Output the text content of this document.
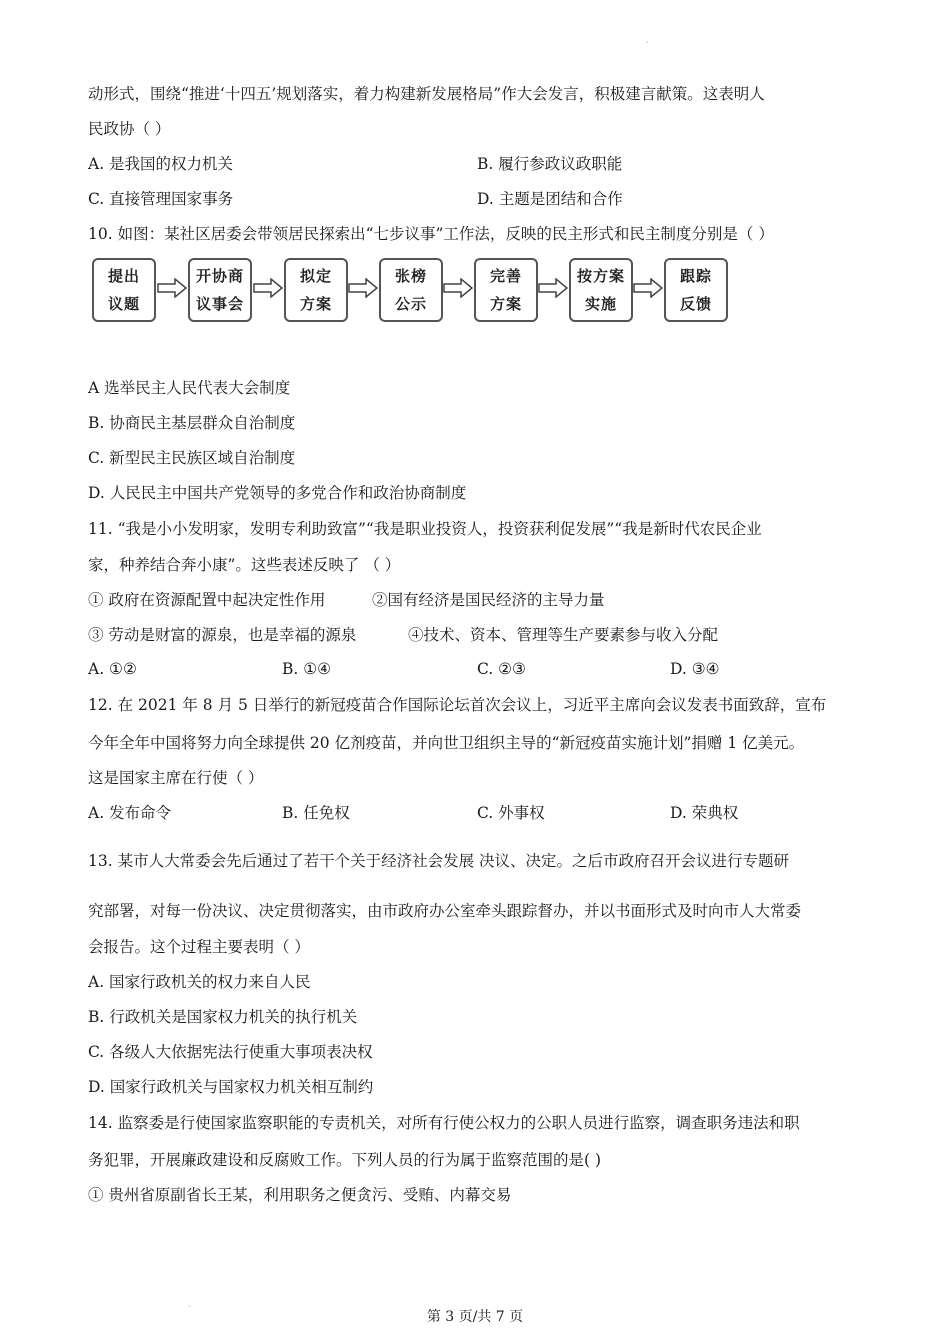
·
动形式，围绕“推进‘十四五’规划落实，着力构建新发展格局”作大会发言，积极建言献策。这表明人
民政协（ ）
A. 是我国的权力机关	B. 履行参政议政职能
C. 直接管理国家事务	D. 主题是团结和合作
10. 如图：某社区居委会带领居民探索出“七步议事”工作法，反映的民主形式和民主制度分别是（ ）
提出
议题
开协商
议事会
拟定
方案
张榜
公示
完善
方案
按方案
实施
跟踪
反馈
A 选举民主人民代表大会制度
B. 协商民主基层群众自治制度
C. 新型民主民族区域自治制度
D. 人民民主中国共产党领导的多党合作和政治协商制度
11. “我是小小发明家，发明专利助致富”“我是职业投资人，投资获利促发展”“我是新时代农民企业
家，种养结合奔小康”。这些表述反映了 （ ）
① 政府在资源配置中起决定性作用	②国有经济是国民经济的主导力量
③ 劳动是财富的源泉，也是幸福的源泉	④技术、资本、管理等生产要素参与收入分配
A. ①②	B. ①④	C. ②③	D. ③④
12. 在 2021 年 8 月 5 日举行的新冠疫苗合作国际论坛首次会议上，习近平主席向会议发表书面致辞，宣布
今年全年中国将努力向全球提供 20 亿剂疫苗，并向世卫组织主导的“新冠疫苗实施计划”捐赠 1 亿美元。
这是国家主席在行使（ ）
A. 发布命令	B. 任免权	C. 外事权	D. 荣典权
13. 某市人大常委会先后通过了若干个关于经济社会发展 决议、决定。之后市政府召开会议进行专题研
究部署，对每一份决议、决定贯彻落实，由市政府办公室牵头跟踪督办，并以书面形式及时向市人大常委
会报告。这个过程主要表明（ ）
A. 国家行政机关的权力来自人民
B. 行政机关是国家权力机关的执行机关
C. 各级人大依据宪法行使重大事项表决权
D. 国家行政机关与国家权力机关相互制约
14. 监察委是行使国家监察职能的专责机关，对所有行使公权力的公职人员进行监察，调查职务违法和职
务犯罪，开展廉政建设和反腐败工作。下列人员的行为属于监察范围的是( )
① 贵州省原副省长王某，利用职务之便贪污、受贿、内幕交易
·
第 3 页/共 7 页
